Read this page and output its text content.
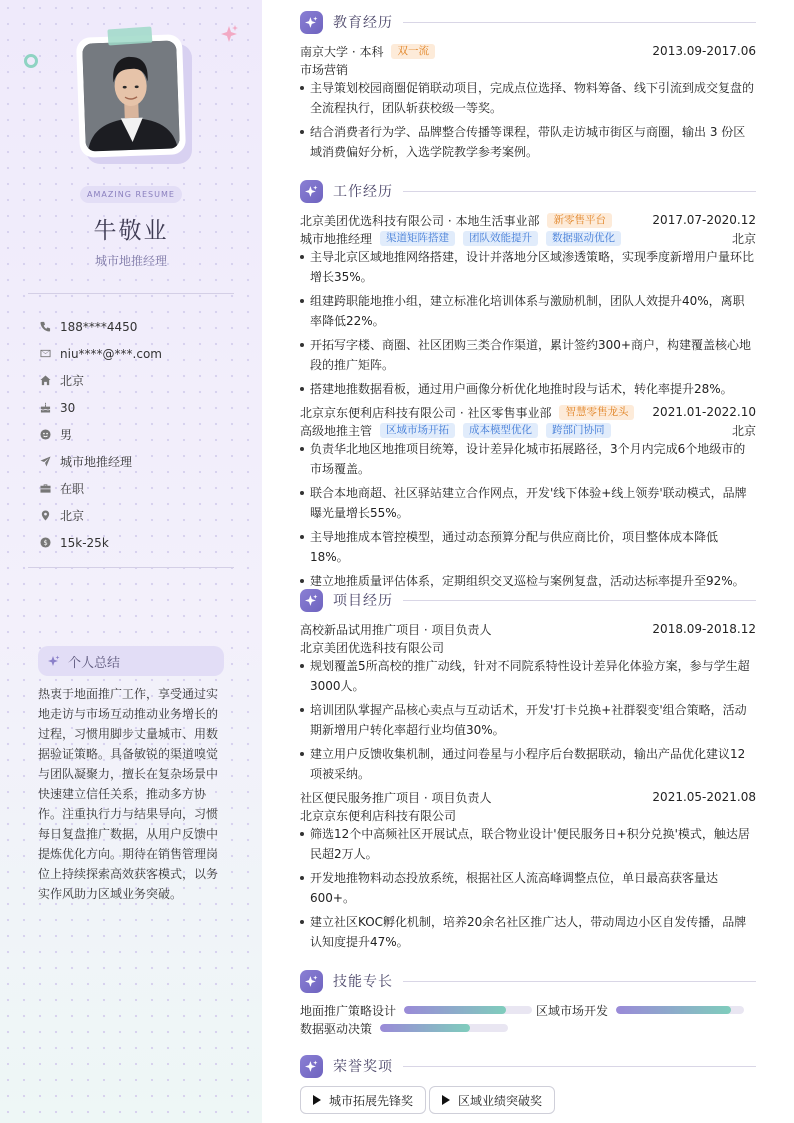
AMAZING RESUME
牛敬业
城市地推经理
188****4450
niu****@***.com
北京
30
男
城市地推经理
在职
北京
$ 15k-25k
个人总结
热衷于地面推广工作，享受通过实
地走访与市场互动推动业务增长的
过程，习惯用脚步丈量城市、用数
据验证策略。具备敏锐的渠道嗅觉
与团队凝聚力，擅长在复杂场景中
快速建立信任关系，推动多方协
作。注重执行力与结果导向，习惯
每日复盘推广数据，从用户反馈中
提炼优化方向。期待在销售管理岗
位上持续探索高效获客模式，以务
实作风助力区域业务突破。
教育经历
南京大学 · 本科	双一流	2013.09-2017.06
市场营销
主导策划校园商圈促销联动项目，完成点位选择、物料筹备、线下引流到成交复盘的全流程执行，团队斩获校级一等奖。
结合消费者行为学、品牌整合传播等课程，带队走访城市街区与商圈，输出 3 份区域消费偏好分析，入选学院教学参考案例。
工作经历
北京美团优选科技有限公司 · 本地生活事业部	新零售平台	2017.07-2020.12
城市地推经理	渠道矩阵搭建	团队效能提升	数据驱动优化	北京
主导北京区域地推网络搭建，设计并落地分区域渗透策略，实现季度新增用户量环比增长35%。
组建跨职能地推小组，建立标准化培训体系与激励机制，团队人效提升40%，离职率降低22%。
开拓写字楼、商圈、社区团购三类合作渠道，累计签约300+商户，构建覆盖核心地段的推广矩阵。
搭建地推数据看板，通过用户画像分析优化地推时段与话术，转化率提升28%。
北京京东便利店科技有限公司 · 社区零售事业部	智慧零售龙头	2021.01-2022.10
高级地推主管	区域市场开拓	成本模型优化	跨部门协同	北京
负责华北地区地推项目统筹，设计差异化城市拓展路径，3个月内完成6个地级市的市场覆盖。
联合本地商超、社区驿站建立合作网点，开发'线下体验+线上领券'联动模式，品牌曝光量增长55%。
主导地推成本管控模型，通过动态预算分配与供应商比价，项目整体成本降低18%。
建立地推质量评估体系，定期组织交叉巡检与案例复盘，活动达标率提升至92%。
项目经历
高校新品试用推广项目 · 项目负责人	2018.09-2018.12
北京美团优选科技有限公司
规划覆盖5所高校的推广动线，针对不同院系特性设计差异化体验方案，参与学生超3000人。
培训团队掌握产品核心卖点与互动话术，开发'打卡兑换+社群裂变'组合策略，活动期新增用户转化率超行业均值30%。
建立用户反馈收集机制，通过问卷星与小程序后台数据联动，输出产品优化建议12项被采纳。
社区便民服务推广项目 · 项目负责人	2021.05-2021.08
北京京东便利店科技有限公司
筛选12个中高频社区开展试点，联合物业设计'便民服务日+积分兑换'模式，触达居民超2万人。
开发地推物料动态投放系统，根据社区人流高峰调整点位，单日最高获客量达600+。
建立社区KOC孵化机制，培养20余名社区推广达人，带动周边小区自发传播，品牌认知度提升47%。
技能专长
地面推广策略设计	区域市场开发
数据驱动决策
荣誉奖项
城市拓展先锋奖	区域业绩突破奖
